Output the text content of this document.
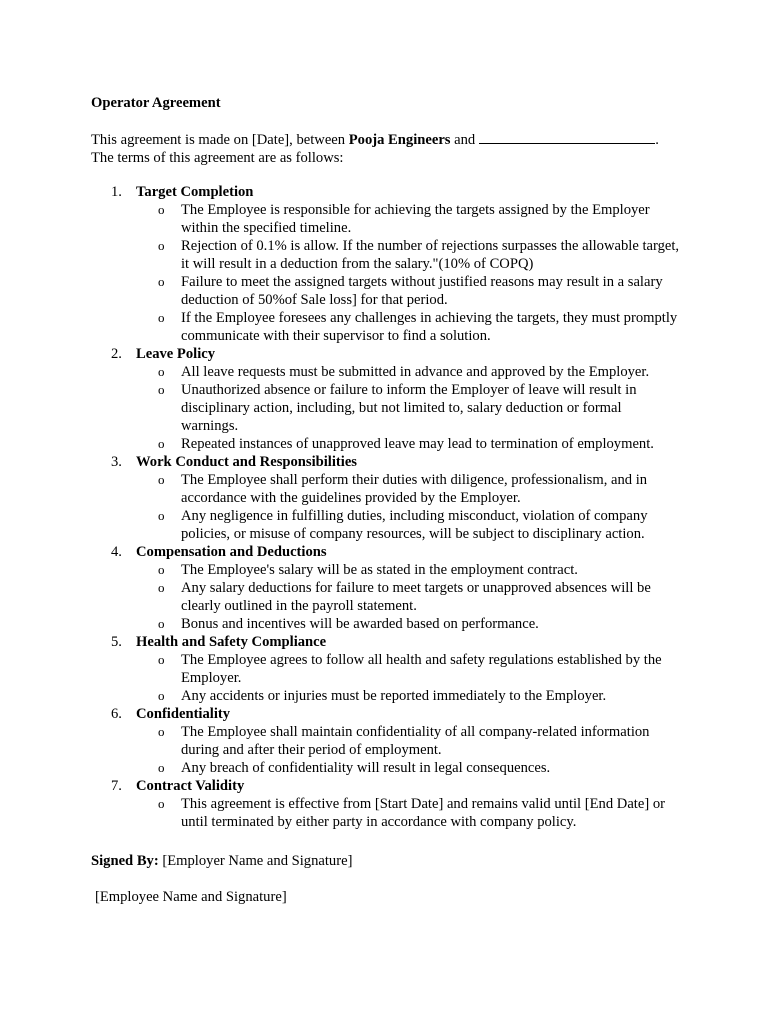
Operator Agreement
This agreement is made on [Date], between Pooja Engineers and	.
The terms of this agreement are as follows:
1. Target Completion
o The Employee is responsible for achieving the targets assigned by the Employer within the specified timeline.
o Rejection of 0.1% is allow. If the number of rejections surpasses the allowable target, it will result in a deduction from the salary."(10% of COPQ)
o Failure to meet the assigned targets without justified reasons may result in a salary deduction of 50%of Sale loss] for that period.
o If the Employee foresees any challenges in achieving the targets, they must promptly communicate with their supervisor to find a solution.
2. Leave Policy
o All leave requests must be submitted in advance and approved by the Employer.
o Unauthorized absence or failure to inform the Employer of leave will result in disciplinary action, including, but not limited to, salary deduction or formal warnings.
o Repeated instances of unapproved leave may lead to termination of employment.
3. Work Conduct and Responsibilities
o The Employee shall perform their duties with diligence, professionalism, and in accordance with the guidelines provided by the Employer.
o Any negligence in fulfilling duties, including misconduct, violation of company policies, or misuse of company resources, will be subject to disciplinary action.
4. Compensation and Deductions
o The Employee's salary will be as stated in the employment contract.
o Any salary deductions for failure to meet targets or unapproved absences will be clearly outlined in the payroll statement.
o Bonus and incentives will be awarded based on performance.
5. Health and Safety Compliance
o The Employee agrees to follow all health and safety regulations established by the Employer.
o Any accidents or injuries must be reported immediately to the Employer.
6. Confidentiality
o The Employee shall maintain confidentiality of all company-related information during and after their period of employment.
o Any breach of confidentiality will result in legal consequences.
7. Contract Validity
o This agreement is effective from [Start Date] and remains valid until [End Date] or until terminated by either party in accordance with company policy.
Signed By: [Employer Name and Signature]
[Employee Name and Signature]
